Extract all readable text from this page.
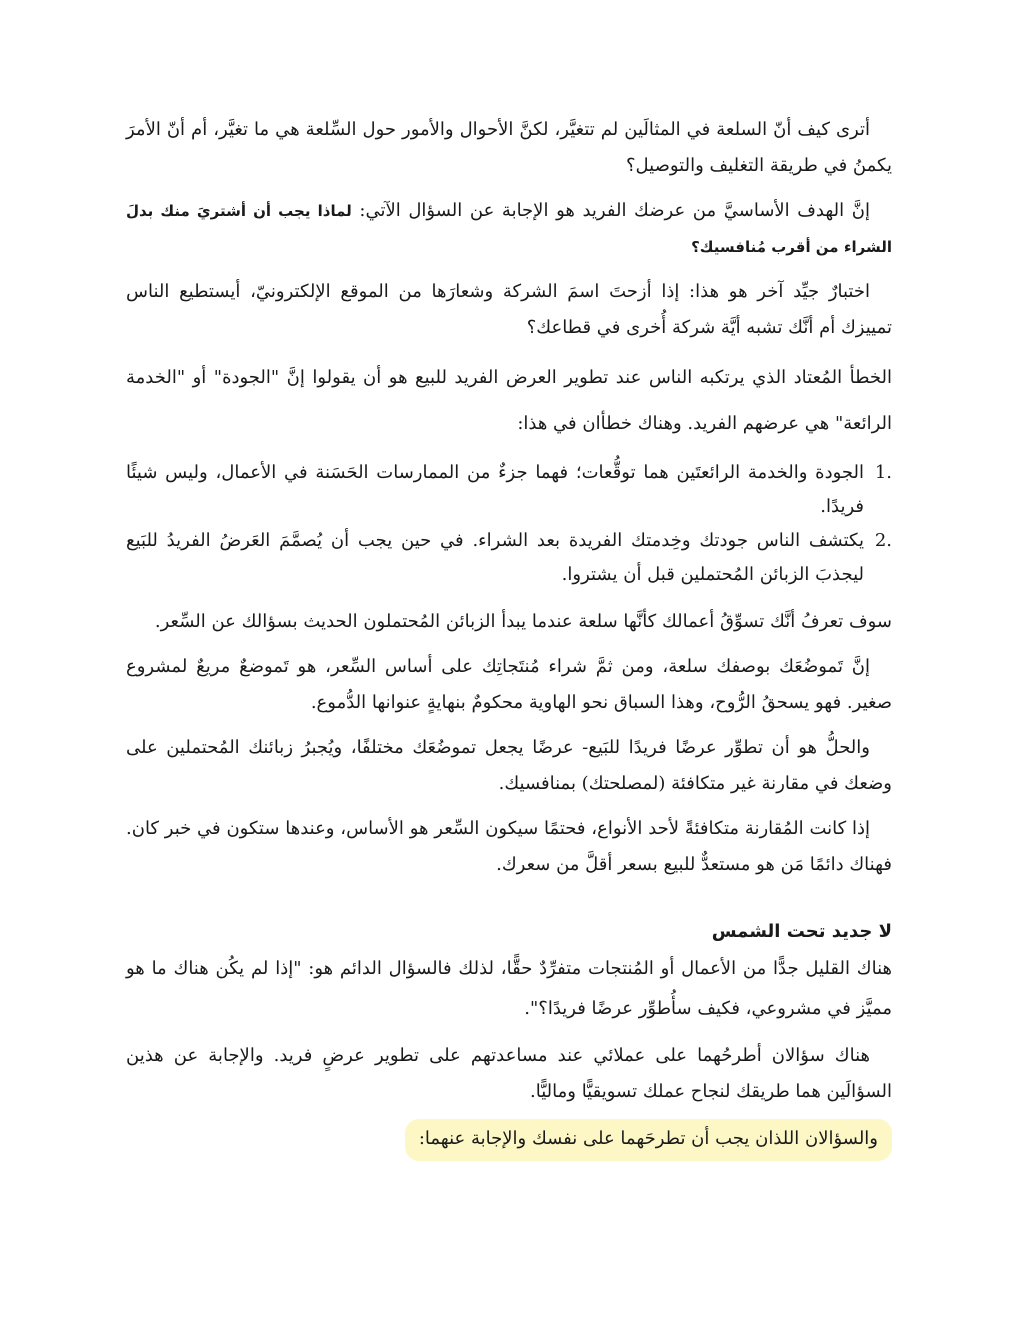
أترى كيف أنّ السلعة في المثالَين لم تتغيَّر، لكنَّ الأحوال والأمور حول السِّلعة هي ما تغيَّر، أم أنّ الأمرَ يكمنُ في طريقة التغليف والتوصيل؟

إنَّ الهدف الأساسيَّ من عرضك الفريد هو الإجابة عن السؤال الآتي: لماذا يجب أن أشتريَ منك بدلَ الشراء من أقرب مُنافسيك؟

اختبارٌ جيِّد آخر هو هذا: إذا أزحتَ اسمَ الشركة وشعارَها من الموقع الإلكترونيّ، أيستطيع الناس تمييزك أم أنَّك تشبه أيَّة شركة أُخرى في قطاعك؟

الخطأ المُعتاد الذي يرتكبه الناس عند تطوير العرض الفريد للبيع هو أن يقولوا إنَّ "الجودة" أو "الخدمة الرائعة" هي عرضهم الفريد. وهناك خطأان في هذا:

1.
الجودة والخدمة الرائعتَين هما توقُّعات؛ فهما جزءٌ من الممارسات الحَسَنة في الأعمال، وليس شيئًا فريدًا.
2.
يكتشف الناس جودتك وخِدمتك الفريدة بعد الشراء. في حين يجب أن يُصمَّمَ العَرضُ الفريدُ للبَيع ليجذبَ الزبائن المُحتملين قبل أن يشتروا.

سوف تعرفُ أنَّك تسوِّقُ أعمالك كأنَّها سلعة عندما يبدأ الزبائن المُحتملون الحديث بسؤالك عن السِّعر.

إنَّ تَموضُعَك بوصفك سلعة، ومن ثمَّ شراء مُنتَجاتِك على أساس السِّعر، هو تَموضعٌ مريعٌ لمشروع صغير. فهو يسحقُ الرُّوح، وهذا السباق نحو الهاوية محكومٌ بنهايةٍ عنوانها الدُّموع.

والحلُّ هو أن تطوِّر عرضًا فريدًا للبَيع- عرضًا يجعل تموضُعَك مختلفًا، ويُجبرُ زبائنك المُحتملين على وضعك في مقارنة غير متكافئة (لمصلحتك) بمنافسيك.

إذا كانت المُقارنة متكافئةً لأحد الأنواع، فحتمًا سيكون السِّعر هو الأساس، وعندها ستكون في خبر كان. فهناك دائمًا مَن هو مستعدٌّ للبيع بسعر أقلَّ من سعرك.

لا جديد تحت الشمس

هناك القليل جدًّا من الأعمال أو المُنتجات متفرِّدٌ حقًّا، لذلك فالسؤال الدائم هو: "إذا لم يكُن هناك ما هو مميَّز في مشروعي، فكيف سأُطوِّر عرضًا فريدًا؟".

هناك سؤالان أطرحُهما على عملائي عند مساعدتهم على تطوير عرضٍ فريد. والإجابة عن هذين السؤالَين هما طريقك لنجاح عملك تسويقيًّا وماليًّا.

والسؤالان اللذان يجب أن تطرحَهما على نفسك والإجابة عنهما:
